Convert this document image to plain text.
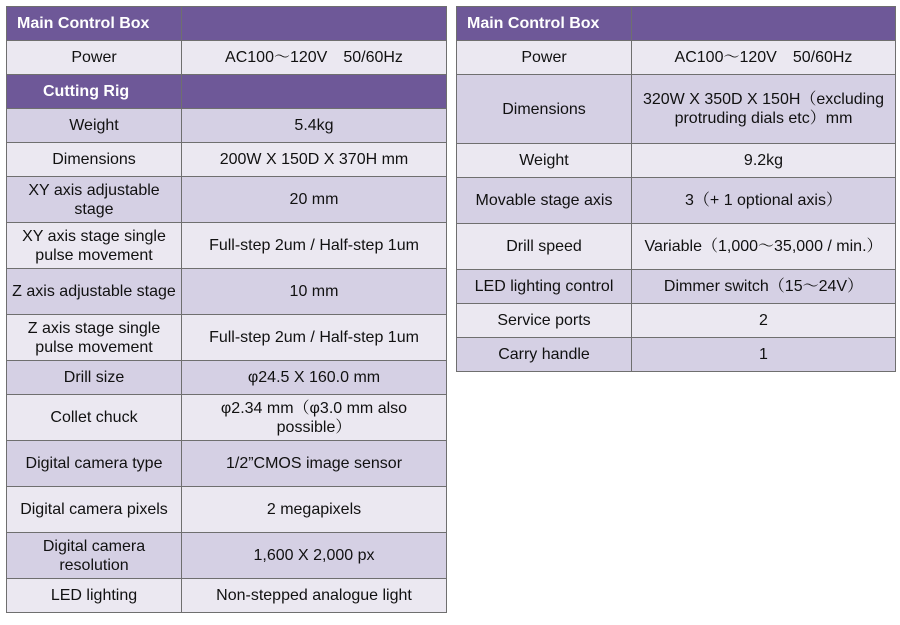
Main Control Box	
Power	AC100～120V　50/60Hz
Cutting Rig	
Weight	5.4kg
Dimensions	200W X 150D X 370H mm
XY axis adjustable stage	20 mm
XY axis stage single pulse movement	Full-step 2um / Half-step 1um
Z axis adjustable stage	10 mm
Z axis stage single pulse movement	Full-step 2um / Half-step 1um
Drill size	φ24.5 X 160.0 mm
Collet chuck	φ2.34 mm（φ3.0 mm also possible）
Digital camera type	1/2”CMOS image sensor
Digital camera pixels	2 megapixels
Digital camera resolution	1,600 X 2,000 px
LED lighting	Non-stepped analogue light
Main Control Box	
Power	AC100～120V　50/60Hz
Dimensions	320W X 350D X 150H（excluding protruding dials etc）mm
Weight	9.2kg
Movable stage axis	3（+ 1 optional axis）
Drill speed	Variable（1,000～35,000 / min.）
LED lighting control	Dimmer switch（15～24V）
Service ports	2
Carry handle	1
